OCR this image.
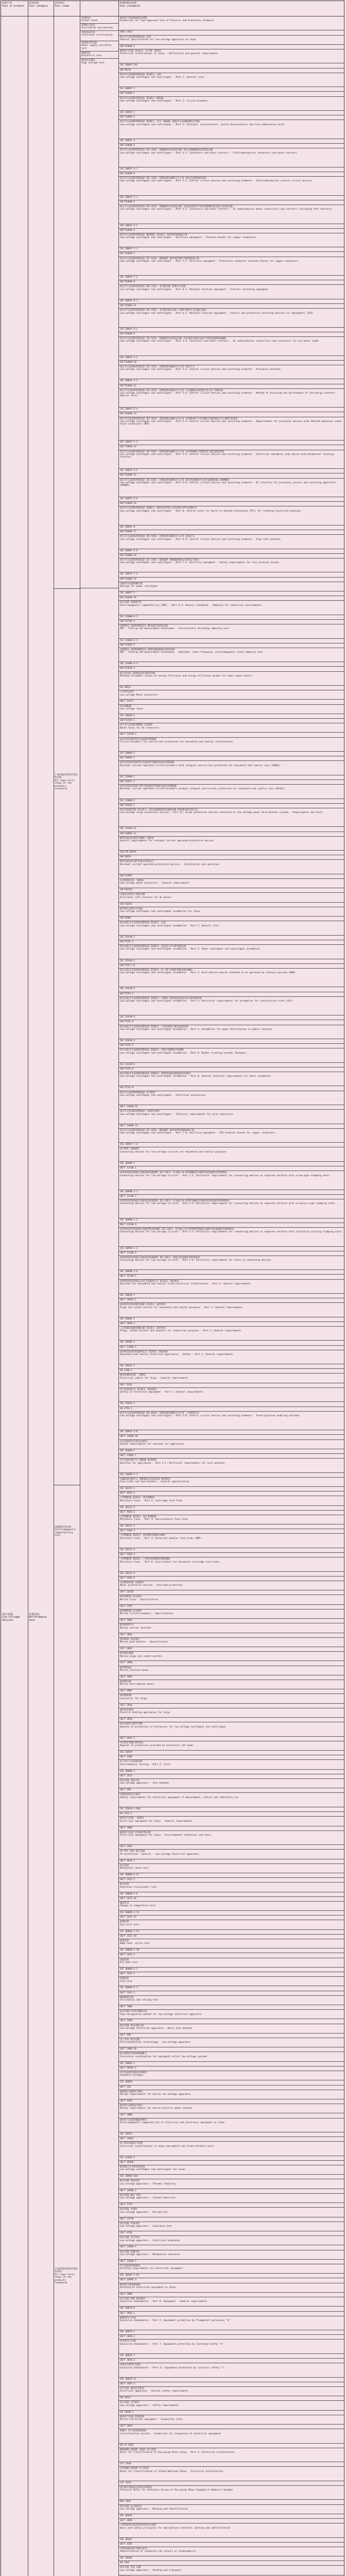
试验产品
Test of product
试验类别
Test category
试验项目
Test items
检测依据及标准
Test standards
低压电器
Low-voltage devices
性能试验
Performance test
产品的使用条件的鉴定性试验
All-type tests items of the products standards
电磁兼容性试验
Electromagnetic compatibility test
产品的使用条件的鉴定性试验
All-type tests items of the products standards
外观检查
Visual check
铭牌标志检查
Inscription and marking
功能验证检查
Functional verification
电源适应性试验
Power supply variation test
绝缘试验
Dielectric test
耐高电压测试
High voltage test
船用电气设备质量鉴定规程
Guidelines for Type Approval Test of Electric and Electronic Products
GD01-2015
低压开关设备和控制设备 总则
General specification for low-voltage apparatus on ships
GB/T14048.1
船舶电气装置 第1部分：定义和一般要求
Electrical installations in ships - Definitions and general requirements
IEC 60092-101
GB/T9470
低压开关设备和控制设备 第1部分：总则
Low-voltage switchgear and controlgear - Part 1: General rules
IEC 60947-1
GB/T14048.1
低压开关设备和控制设备 第2部分：断路器
Low-voltage switchgear and controlgear - Part 2: Circuit-breakers
IEC 60947-2
GB/T14048.2
低压开关设备和控制设备 第3部分：开关、隔离器、隔离开关及熔断器组合电器
Low-voltage switchgear and controlgear - Part 3: Switches, disconnectors, switch-disconnectors and fuse-combination units
IEC 60947-3
GB/T14048.3
低压开关设备和控制设备 第4-1部分：接触器和电动机起动器 机电式接触器和电动机起动器
Low-voltage switchgear and controlgear - Part 4-1: Contactors and motor-starters - Electromechanical contactors and motor-starters
IEC 60947-4-1
GB/T14048.4
低压开关设备和控制设备 第5-1部分：控制电路电器和开关元件 机电式控制电路电器
Low-voltage switchgear and controlgear - Part 5-1: Control circuit devices and switching elements - Electromechanical control circuit devices
IEC 60947-5-1
GB/T14048.5
低压开关设备和控制设备 第4-2部分：接触器和电动机起动器 交流电动机用半导体控制器和起动器(含软起动器)
Low-voltage switchgear and controlgear - Part 4-2: Contactors and motor-starters - AC semiconductor motor controllers and starters (including soft-starters)
IEC 60947-4-2
GB/T14048.6
低压开关设备和控制设备 辅助器件 第1部分：铜导体的接线端子排
Low-voltage switchgear and controlgear - Ancillary equipment - Terminal blocks for copper conductors
IEC 60947-7-1
GB/T14048.7
低压开关设备和控制设备 第7-2部分：辅助器件 铜导体的保护导体接线端子排
Low-voltage switchgear and controlgear - Part 7-2: Ancillary equipment - Protective conductor terminal blocks for copper conductors
IEC 60947-7-2
GB/T14048.8
低压开关设备和控制设备 第6-1部分：多功能电器 转换开关电器
Low-voltage switchgear and controlgear - Part 6-1: Multiple function equipment - Transfer switching equipment
IEC 60947-6-1
GB/T14048.11
低压开关设备和控制设备 第6-2部分：多功能电器(设备) 控制与保护开关电器(设备)
Low-voltage switchgear and controlgear - Part 6-2: Multiple function equipment - Control and protective switching devices (or equipment) (CPS)
IEC 60947-6-2
GB/T14048.9
低压开关设备和控制设备 第4-3部分：接触器和电动机起动器 非电动机负载用交流半导体控制器和接触器
Low-voltage switchgear and controlgear - Part 4-3: Contactors and motor-starters - AC semiconductor controllers and contactors for non-motor loads
IEC 60947-4-3
GB/T14048.10
低压开关设备和控制设备 第5-2部分：控制电路电器和开关元件 接近开关
Low-voltage switchgear and controlgear - Part 5-2: Control circuit devices and switching elements - Proximity switches
IEC 60947-5-2
GB/T14048.12
低压开关设备和控制设备 第5-4部分：控制电路电器和开关元件 小容量触头的性能评定方法 特殊试验
Low-voltage switchgear and controlgear - Part 5-4: Control circuit devices and switching elements - Method of assessing the performance of low-energy contacts - Special tests
IEC 60947-5-4
GB/T14048.13
低压开关设备和控制设备 第5-3部分：控制电路电器和开关元件 在故障条件下具有确定功能的接近开关(PDF)的要求
Low-voltage switchgear and controlgear - Part 5-3: Control circuit devices and switching elements - Requirements for proximity devices with defined behaviour under fault conditions (PDF)
IEC 60947-5-3
GB/T14048.14
低压开关设备和控制设备 第5-5部分：控制电路电器和开关元件 具有机械锁闩功能的电气紧急制动装置
Low-voltage switchgear and controlgear - Part 5-5: Control circuit devices and switching elements - Electrical emergency stop device with mechanical latching function
IEC 60947-5-5
GB/T14048.15
低压开关设备和控制设备 第5-6部分：控制电路电器和开关元件 接近传感器和开关放大器的DC接口(NAMUR)
Low-voltage switchgear and controlgear - Part 5-6: Control circuit devices and switching elements - DC interface for proximity sensors and switching amplifiers (NAMUR)
IEC 60947-5-6
GB/T14048.16
低压开关设备和控制设备 第8部分：旋转电机用装入式热保护(PTC)控制单元
Low-voltage switchgear and controlgear - Part 8: Control units for built-in thermal protection (PTC) for rotating electrical machines
IEC 60947-8
GB/T14048.17
低压开关设备和控制设备 第5-9部分：控制电路电器和开关元件 流量开关
Low-voltage switchgear and controlgear - Part 5-9: Control circuit devices and switching elements - Flow rate switches
IEC 60947-5-9
GB/T14048.18
低压开关设备和控制设备 第7-3部分：辅助器件 熔断器接线端子排的安全要求
Low-voltage switchgear and controlgear - Part 7-3: Ancillary equipment - Safety requirements for fuse terminal blocks
IEC 60947-7-3
GB/T14048.19
电源开关设备的额定值
Ratings for power switchgear
IEC 60947-1
GB/T14048.20
低压电器 电磁兼容性
Electromagnetic compatibility (EMC) - Part 6-2: Generic standards - Immunity for industrial environments
IEC 61000-6-2
GB/T17799.2
电磁兼容 试验和测量技术 静电放电抗扰度试验
EMC - Testing and measurement techniques - Electrostatic discharge immunity test
IEC 61000-4-2
GB/T17626.2
电磁兼容 试验和测量技术 射频电磁场辐射抗扰度试验
EMC - Testing and measurement techniques - Radiated, radio-frequency, electromagnetic field immunity test
IEC 61000-4-3
GB/T17626.3
低压电动机 能效限定值及能效等级
Minimum allowable values of energy efficiency and energy efficiency grades for small power motors
GB 18613
小功率电动机
Low-voltage Motor protectors
GB/T 14711
低压熔断器
Low-voltage fuses
IEC 60269-1
GB/T13539.1
用于电气设备的熔断器 过流保护
Boxed fuses for AC contactors
GB/T 13539.2
家用及类似场所用过电流保护断路器
Circuit-breakers for overcurrent protection for household and similar installations
IEC 60898-1
GB/T10963.1
家用及类似用途的带过电流保护的剩余电流动作断路器
Residual current operated circuit-breakers with integral overcurrent protection for household and similar uses (RCBOs)
IEC 61009-1
GB/T16917.1
家用及类似用途的不带过电流保护的剩余电流动作断路器
Residual current operated circuit-breakers without integral overcurrent protection for household and similar uses (RCCBs)
IEC 61008-1
GB/T16916.1
低压电涌保护器 第11部分：低压电源系统的电涌保护器 性能要求和试验方法
Low-voltage surge protective devices - Part 11: Surge protective devices connected to low-voltage power distribution systems - Requirements and tests
IEC 61643-11
GB/T18802.11
剩余电流动作保护电器的一般要求
General requirements for residual current operated protective devices
IEC/TR 60755
GB/T6829
剩余电流动作保护装置安装和运行
Residual current operated protective devices - Installation and operation
GB/T13955
电动机保护器 一般要求
Low-voltage motor protectors - General requirements
JB/T10736
交流电动机电子软起动器
Electronic soft starters for AC motors
JB/T10251
船用低压成套开关设备
Low-voltage switchgear and controlgear assemblies for ships
CB/T3909
低压成套开关设备和控制设备 第1部分：总则
Low-voltage switchgear and controlgear assemblies - Part 1: General rules
IEC 61439-1
GB/T7251.1
低压成套开关设备和控制设备 第2部分：成套电力开关和控制设备
Low-voltage switchgear and controlgear assemblies - Part 2: Power switchgear and controlgear assemblies
IEC 61439-2
GB/T7251.12
低压成套开关设备和控制设备 第3部分：由一般人员操作的配电板(DBO)
Low-voltage switchgear and controlgear assemblies - Part 3: Distribution boards intended to be operated by ordinary persons (DBO)
IEC 61439-3
GB/T7251.3
低压成套开关设备和控制设备 第4部分：对建筑工地用成套设备(ACS)的特殊要求
Low-voltage switchgear and controlgear assemblies - Part 4: Particular requirements for assemblies for construction sites (ACS)
IEC 61439-4
GB/T7251.4
低压成套开关设备和控制设备 第5部分：公用电网电力配电成套设备
Low-voltage switchgear and controlgear assemblies - Part 5: Assemblies for power distribution in public networks
IEC 61439-5
GB/T7251.5
低压成套开关设备和控制设备 第6部分：母线干线系统(母线槽)
Low-voltage switchgear and controlgear assemblies - Part 6: Busbar trunking systems (busways)
IEC 61439-6
GB/T7251.6
低压成套开关设备和控制设备 第8部分：智能型成套设备通用技术要求
Low-voltage switchgear and controlgear assemblies - Part 8: General technical requirements for smart assemblies
GB/T7251.8
低压开关设备和控制设备 电气附件
Low-voltage switchgear and controlgear - Electrical accessories
GB/T 14048.22
低压开关设备和控制设备 入网技术条件
Low-voltage switchgear and controlgear - Technical requirements for grid connection
GB/T 14048.23
低压开关设备和控制设备 第7-4部分：辅助器件 铜导体的PCB接线端子排
Low-voltage switchgear and controlgear - Part 7-4: Ancillary equipment - PCB terminal blocks for copper conductors
IEC 60947-7-4
电气附件 连接器件
Connecting devices for low-voltage circuits for household and similar purposes
IEC 60998-1
GB/T 13140.1
家用和类似用途低压电路用的连接器件 第2-1部分：作为独立单元的带螺纹型夹紧件的连接器件的特殊要求
Connecting devices for low-voltage circuits - Part 2-1: Particular requirements for connecting devices as separate entities with screw-type clamping units
IEC 60998-2-1
GB/T 13140.2
家用和类似用途低压电路用的连接器件 第2-2部分：作为独立单元的带无螺纹型夹紧件的连接器件的特殊要求
Connecting devices for low-voltage circuits - Part 2-2: Particular requirements for connecting devices as separate entities with screwless-type clamping units
IEC 60998-2-2
GB/T 13140.3
家用和类似用途的低压电路用的连接器件 第2-3部分：作为独立单元的带刺穿绝缘型夹紧件的连接器件的特殊要求
Connecting devices for low-voltage circuits - Part 2-3: Particular requirements for connecting devices as separate entities with insulation piercing clamping units
IEC 60998-2-3
GB/T 13140.4
家用和类似用途低压电路用的连接器件 第2-4部分：扭接式连接器件的特殊要求
Connecting devices for low-voltage circuits - Part 2-4: Particular requirements for twist-on connecting devices
IEC 60998-2-4
GB/T 13140.5
家用和类似用途固定式电气装置的开关 第1部分：通用要求
Switches for household and similar fixed-electrical installations - Part 1: General requirements
IEC 60669-1
GB/T 16915.1
家用和类似用途插头插座 第1部分：通用要求
Plugs and socket-outlets for household and similar purposes - Part 1: General requirements
IEC 60884-1
GB/T 2099.1
工业用插头插座和耦合器 第1部分：通用要求
Plugs, socket-outlets and couplers for industrial purposes - Part 1: General requirements
IEC 60309-1
GB/T 11918.1
家用和类似用途电器的安全 第1部分：通用要求
Household and similar electrical appliances - Safety - Part 1: General requirements
IEC 60335-1
GB 4706.1
船用电缆和电线 一般规定
Electrical cables for ships - General requirements
GB/T 9331
电气设备的安全 第1部分：通用要求
Safety of electrical equipment - Part 1: General requirements
IEC 61010-1
GB 4793.1
低压开关设备和控制设备 第5-8部分：控制电路电器和开关元件 三位使能开关
Low-voltage switchgear and controlgear - Part 5-8: Control circuit devices and switching elements - Three-position enabling switches
IEC 60947-5-8
GB/T 14048.18
电气设备用开关的安全要求
Safety requirements for switches for appliances
IEC 61058-1
GB/T 15092.1
电气设备电源开关 熔断器 耐受测试
Switches for appliances - Part 2-1: Particular requirements for cord switches
IEC 61058-2-1
电器设备电源开关 熔断器及其支持设备 通用规范
Fuse-links and fuse-holders - General specification
IEC 60127-1
GB/T 9364.1
小型熔断器 第2部分：管状熔断体
Miniature fuses - Part 2: Cartridge fuse-links
IEC 60127-2
GB/T 9364.2
小型熔断器 第3部分：超小型熔断体
Miniature fuses - Part 3: Sub-miniature fuse-links
IEC 60127-3
GB/T 9364.3
小型熔断器 第4部分：通用模件熔断体(UMF)
Miniature fuses - Part 4: Universal modular fuse-links (UMF)
IEC 60127-4
GB/T 9364.4
小型熔断器 第6部分：小型管状熔断体的熔断器座
Miniature fuses - Part 6: Fuse-holders for miniature cartridge fuse-links
IEC 60127-6
GB/T 9364.6
电动机保护器 过载保护
Motor protective devices - Overload protection
JB/T 10736
船用熔断器 技术条件
Marine fuses - Specification
CB/T 3755
船用断路器 技术条件
Marine circuit-breakers - Specification
CB/T 3666
船用控制开关
Marine control switches
CB/T 3801
船用按钮 技术条件
Marine push-buttons - Specification
CB/T 3829
船用插头插座
Marine plugs and socket-outlets
CB/T 3880
船用接线盒
Marine junction boxes
CB/T 3893
船用配电箱
Marine distribution boxes
CB/T 3907
船用照明器
Luminaires for ships
CB/T 3910
船用电热器具
Electric heating appliances for ships
CB/T 3916
低压电器外壳防护等级
Degrees of protection of enclosures for low-voltage switchgear and controlgear
GB/T 4942.2
外壳防护等级(IP代码)
Degrees of protection provided by enclosures (IP Code)
IEC 60529
GB/T 4208
电工电子产品环境试验
Environmental testing - Part 2: Tests
IEC 60068-2
GB/T 2423
低压电器 试验方法
Low-voltage apparatus - Test methods
GB/T 998
电器设备的安全要求
Safety requirements for electrical equipment of measurement, control and laboratory use
IEC 61010-2-030
GB 4793.2
船用电气设备 一般要求
Electrical equipment for ships - General requirements
GB/T 7060
船舶电气设备 环境条件和试验
Electrical equipment for ships - Environmental conditions and tests
CB/T 3919
IP 防护 通用 低压电器
IP protection - General - Low-voltage electrical apparatus
GB/T 4942.1
冲击试验
Mechanical shock test
IEC 60068-2-27
GB/T 2423.5
振动试验
Vibration (sinusoidal) test
IEC 60068-2-6
GB/T 2423.10
温度冲击
Change of temperature test
IEC 60068-2-14
GB/T 2423.22
盐雾试验
Salt mist test
IEC 60068-2-52
GB/T 2423.18
湿热试验
Damp heat, cyclic test
IEC 60068-2-30
GB/T 2423.4
高温试验
Dry heat test
IEC 60068-2-2
GB/T 2423.2
低温试验
Cold test
IEC 60068-2-1
GB/T 2423.1
倾斜摇摆试验
Inclination and rolling test
GB/T 7060
低压电器产品型号编制方法
Type designation method for low-voltage electrical apparatus
JB/T 2930
低压电器 基本试验方法
Low-voltage electrical apparatus - Basic test methods
GB/T 998
电工术语 低压电器
Electrotechnical terminology - Low-voltage apparatus
GB/T 2900.18
低压系统内设备的绝缘配合
Insulation coordination for equipment within low-voltage systems
IEC 60664-1
GB/T 16935.1
电气设备的电源电压和频率
Standard voltages
IEC 60038
GB/T 156
船舶低压电器设计要求
Design requirements for marine low-voltage apparatus
CB/T 4295
船用电力系统设计要求
Design requirements for marine electric power systems
CB/T 3880
船用电气设备电磁兼容要求
Electromagnetic compatibility of electrical and electronic equipment on ships
IEC 60533
GB/T 24643
海上移动设施电气装置
Electrical installations in ships and mobile and fixed offshore units
IEC 61892-1
GB/T 28566
船用低压开关和控制设备
Low-voltage switchgear and controlgear for ships
IEC 60092-504
低压电器 热稳定性
Low-voltage apparatus - Thermal stability
GB/T 14048.1
低压电器 触头 材料
Low-voltage apparatus - Contact materials
JB/T 7778
低压电器 可靠性
Low-voltage apparatus - Reliability
GB/T 22710
低压电器 寿命试验
Low-voltage apparatus - Endurance test
JB/T 8736
低压电器 电气寿命
Low-voltage apparatus - Electrical endurance
GB/T 14048.4
低压电器 机械寿命
Low-voltage apparatus - Mechanical endurance
GB/T 14048.5
电气设备的接地要求
Earthing requirements for electrical equipment
IEC 60364-5-54
GB/T 16895.3
船用电气设备的接地
Earthing of electrical equipment on ships
CB/T 3908
电气设备 防爆 通用要求
Explosive atmospheres - Part 0: Equipment - General requirements
IEC 60079-0
GB/T 3836.1
隔爆型电气设备
Explosive atmospheres - Part 1: Equipment protection by flameproof enclosures "d"
IEC 60079-1
GB/T 3836.2
增安型电气设备
Explosive atmospheres - Part 7: Equipment protection by increased safety "e"
IEC 60079-7
GB/T 3836.3
本质安全型电气设备
Explosive atmospheres - Part 11: Equipment protection by intrinsic safety "i"
IEC 60079-11
GB/T 3836.4
电气设备 通用安全要求
Electrical apparatus - General safety requirements
GB 19517
低压电器 安全要求
Low-voltage apparatus - Safety requirements
GB 14048.1
船用电气设备 检验规则
Marine electrical equipment - Inspection rules
CB/T 3920
船级社 电气设备检验指南
Classification society - Guidelines for inspection of electrical equipment
GD 22-2015
钢质海船入级规范 第4篇 电气装置
Rules for Classification of Sea-going Steel Ships - Part 4: Electrical Installations
CCS 2018
内河船舶入级规范 电气装置
Rules for Classification of Inland Waterway Ships - Electrical Installations
CCS 2019
国内航行海船法定检验技术规则
Technical Rules for Statutory Survey of Sea-going Ships Engaged on Domestic Voyages
MSA 2020
低压电器 标志和标识
Low-voltage apparatus - Marking and identification
IEC 60445
GB/T 4026
人机界面标志标识的基本和安全规则
Basic and safety principles for man-machine interface, marking and identification
IEC 60447
GB/T 4205
导体的颜色或字母数字标识
Identification of conductors by colours or alphanumerics
IEC 60446
GB 7947
低压电器 包装 运输
Low-voltage apparatus - Packing and transport
